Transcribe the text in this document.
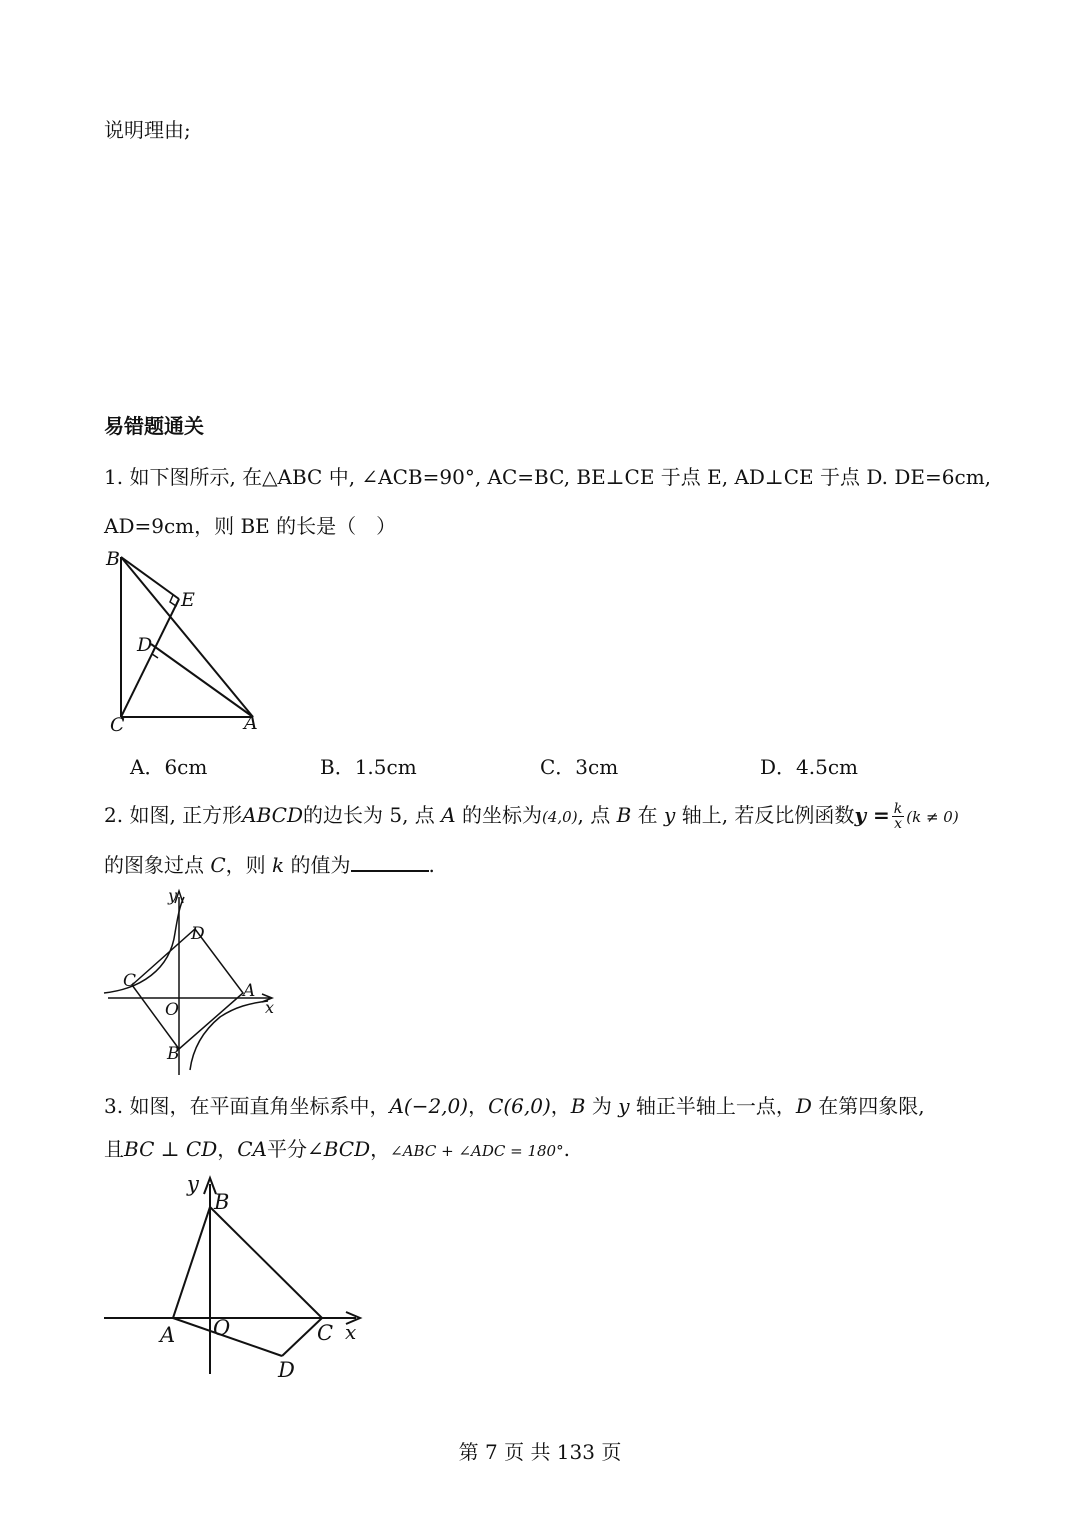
说明理由;
易错题通关
1. 如下图所示, 在△ABC 中, ∠ACB=90°, AC=BC, BE⊥CE 于点 E, AD⊥CE 于点 D. DE=6cm,
AD=9cm，则 BE 的长是（　）
B
E
D
C	A
A．6cm	B．1.5cm	C．3cm	D．4.5cm
2. 如图, 正方形ABCD的边长为 5, 点 A 的坐标为(4,0), 点 B 在 y 轴上, 若反比例函数$y = \frac{k}{x} (k \ne 0)$
的图象过点 C，则 k 的值为	.
y
D
C	A
O	x
B
3. 如图，在平面直角坐标系中，A(−2,0)，C(6,0)，B 为 y 轴正半轴上一点，D 在第四象限,
且BC ⊥ CD，CA平分∠BCD，∠ABC + ∠ADC = 180°.
y
B
A O	C x
D
第 7 页 共 133 页
